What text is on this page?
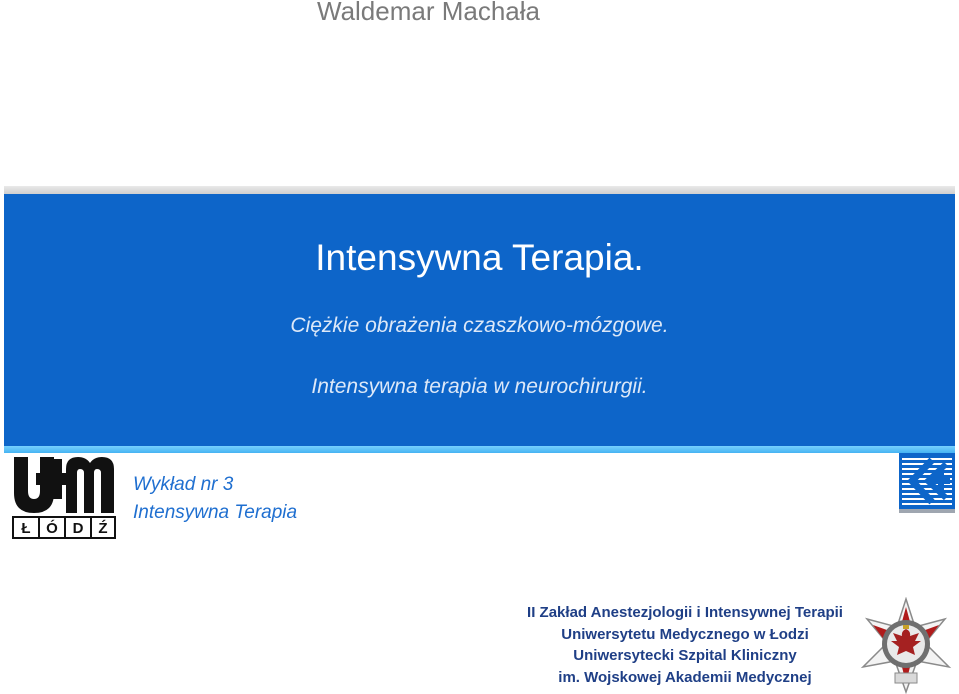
Waldemar Machała
Intensywna Terapia.
Ciężkie obrażenia czaszkowo-mózgowe.
Intensywna terapia w neurochirurgii.
Ł Ó D Ź
Wykład nr 3
Intensywna Terapia
II Zakład Anestezjologii i Intensywnej Terapii
Uniwersytetu Medycznego w Łodzi
Uniwersytecki Szpital Kliniczny
im. Wojskowej Akademii Medycznej
